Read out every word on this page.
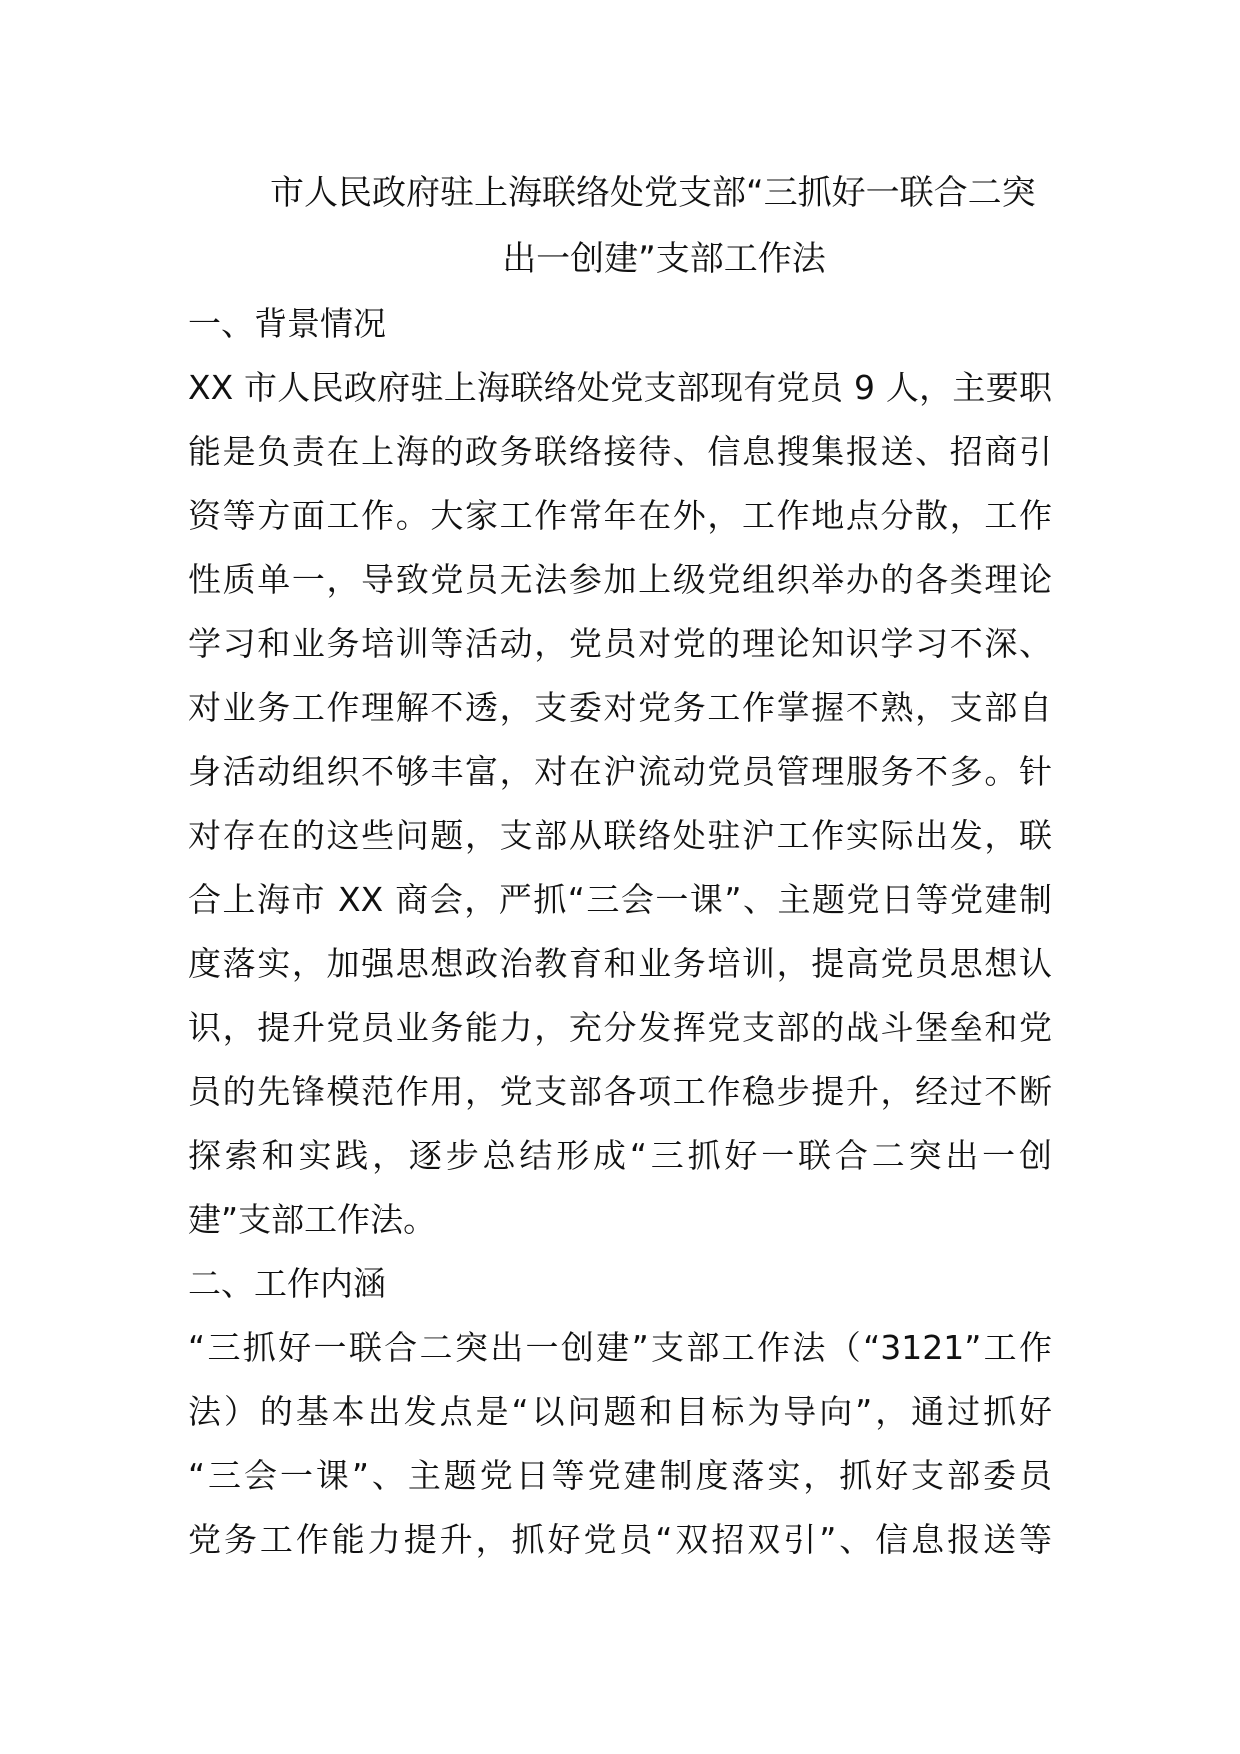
市人民政府驻上海联络处党支部“三抓好一联合二突
出一创建”支部工作法
一、背景情况
XX 市人民政府驻上海联络处党支部现有党员 9 人，主要职
能是负责在上海的政务联络接待、信息搜集报送、招商引
资等方面工作。大家工作常年在外，工作地点分散，工作
性质单一，导致党员无法参加上级党组织举办的各类理论
学习和业务培训等活动，党员对党的理论知识学习不深、
对业务工作理解不透，支委对党务工作掌握不熟，支部自
身活动组织不够丰富，对在沪流动党员管理服务不多。针
对存在的这些问题，支部从联络处驻沪工作实际出发，联
合上海市 XX 商会，严抓“三会一课”、主题党日等党建制
度落实，加强思想政治教育和业务培训，提高党员思想认
识，提升党员业务能力，充分发挥党支部的战斗堡垒和党
员的先锋模范作用，党支部各项工作稳步提升，经过不断
探索和实践，逐步总结形成“三抓好一联合二突出一创
建”支部工作法。
二、工作内涵
“三抓好一联合二突出一创建”支部工作法（“3121”工作
法）的基本出发点是“以问题和目标为导向”，通过抓好
“三会一课”、主题党日等党建制度落实，抓好支部委员
党务工作能力提升，抓好党员“双招双引”、信息报送等
